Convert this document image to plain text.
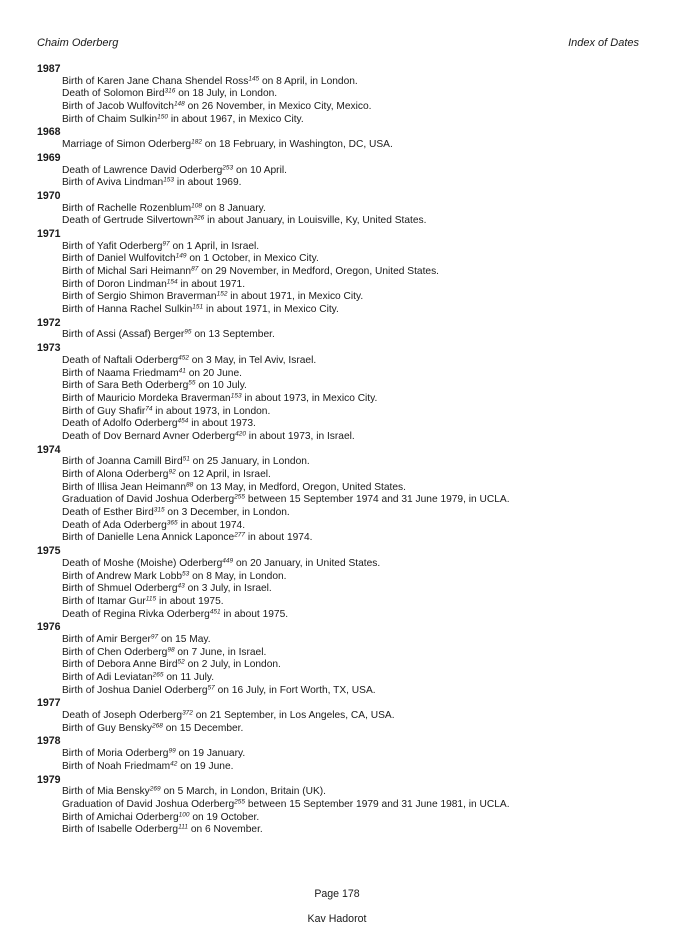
Chaim Oderberg	Index of Dates
1987
Birth of Karen Jane Chana Shendel Ross$^{145}$ on 8 April, in London.
Death of Solomon Bird$^{316}$ on 18 July, in London.
Birth of Jacob Wulfovitch$^{148}$ on 26 November, in Mexico City, Mexico.
Birth of Chaim Sulkin$^{150}$ in about 1967, in Mexico City.
1968
Marriage of Simon Oderberg$^{182}$ on 18 February, in Washington, DC, USA.
1969
Death of Lawrence David Oderberg$^{253}$ on 10 April.
Birth of Aviva Lindman$^{153}$ in about 1969.
1970
Birth of Rachelle Rozenblum$^{108}$ on 8 January.
Death of Gertrude Silvertown$^{326}$ in about January, in Louisville, Ky, United States.
1971
Birth of Yafit Oderberg$^{97}$ on 1 April, in Israel.
Birth of Daniel Wulfovitch$^{149}$ on 1 October, in Mexico City.
Birth of Michal Sari Heimann$^{87}$ on 29 November, in Medford, Oregon, United States.
Birth of Doron Lindman$^{154}$ in about 1971.
Birth of Sergio Shimon Braverman$^{152}$ in about 1971, in Mexico City.
Birth of Hanna Rachel Sulkin$^{151}$ in about 1971, in Mexico City.
1972
Birth of Assi (Assaf) Berger$^{95}$ on 13 September.
1973
Death of Naftali Oderberg$^{452}$ on 3 May, in Tel Aviv, Israel.
Birth of Naama Friedmam$^{41}$ on 20 June.
Birth of Sara Beth Oderberg$^{55}$ on 10 July.
Birth of Mauricio Mordeka Braverman$^{153}$ in about 1973, in Mexico City.
Birth of Guy Shafir$^{74}$ in about 1973, in London.
Death of Adolfo Oderberg$^{454}$ in about 1973.
Death of Dov Bernard Avner Oderberg$^{420}$ in about 1973, in Israel.
1974
Birth of Joanna Camill Bird$^{51}$ on 25 January, in London.
Birth of Alona Oderberg$^{92}$ on 12 April, in Israel.
Birth of Illisa Jean Heimann$^{88}$ on 13 May, in Medford, Oregon, United States.
Graduation of David Joshua Oderberg$^{255}$ between 15 September 1974 and 31 June 1979, in UCLA.
Death of Esther Bird$^{315}$ on 3 December, in London.
Death of Ada Oderberg$^{365}$ in about 1974.
Birth of Danielle Lena Annick Laponce$^{277}$ in about 1974.
1975
Death of Moshe (Moishe) Oderberg$^{449}$ on 20 January, in United States.
Birth of Andrew Mark Lobb$^{53}$ on 8 May, in London.
Birth of Shmuel Oderberg$^{43}$ on 3 July, in Israel.
Birth of Itamar Gur$^{115}$ in about 1975.
Death of Regina Rivka Oderberg$^{451}$ in about 1975.
1976
Birth of Amir Berger$^{97}$ on 15 May.
Birth of Chen Oderberg$^{98}$ on 7 June, in Israel.
Birth of Debora Anne Bird$^{52}$ on 2 July, in London.
Birth of Adi Leviatan$^{265}$ on 11 July.
Birth of Joshua Daniel Oderberg$^{57}$ on 16 July, in Fort Worth, TX, USA.
1977
Death of Joseph Oderberg$^{372}$ on 21 September, in Los Angeles, CA, USA.
Birth of Guy Bensky$^{268}$ on 15 December.
1978
Birth of Moria Oderberg$^{99}$ on 19 January.
Birth of Noah Friedmam$^{42}$ on 19 June.
1979
Birth of Mia Bensky$^{269}$ on 5 March, in London, Britain (UK).
Graduation of David Joshua Oderberg$^{255}$ between 15 September 1979 and 31 June 1981, in UCLA.
Birth of Amichai Oderberg$^{100}$ on 19 October.
Birth of Isabelle Oderberg$^{111}$ on 6 November.
Page 178
Kav Hadorot
